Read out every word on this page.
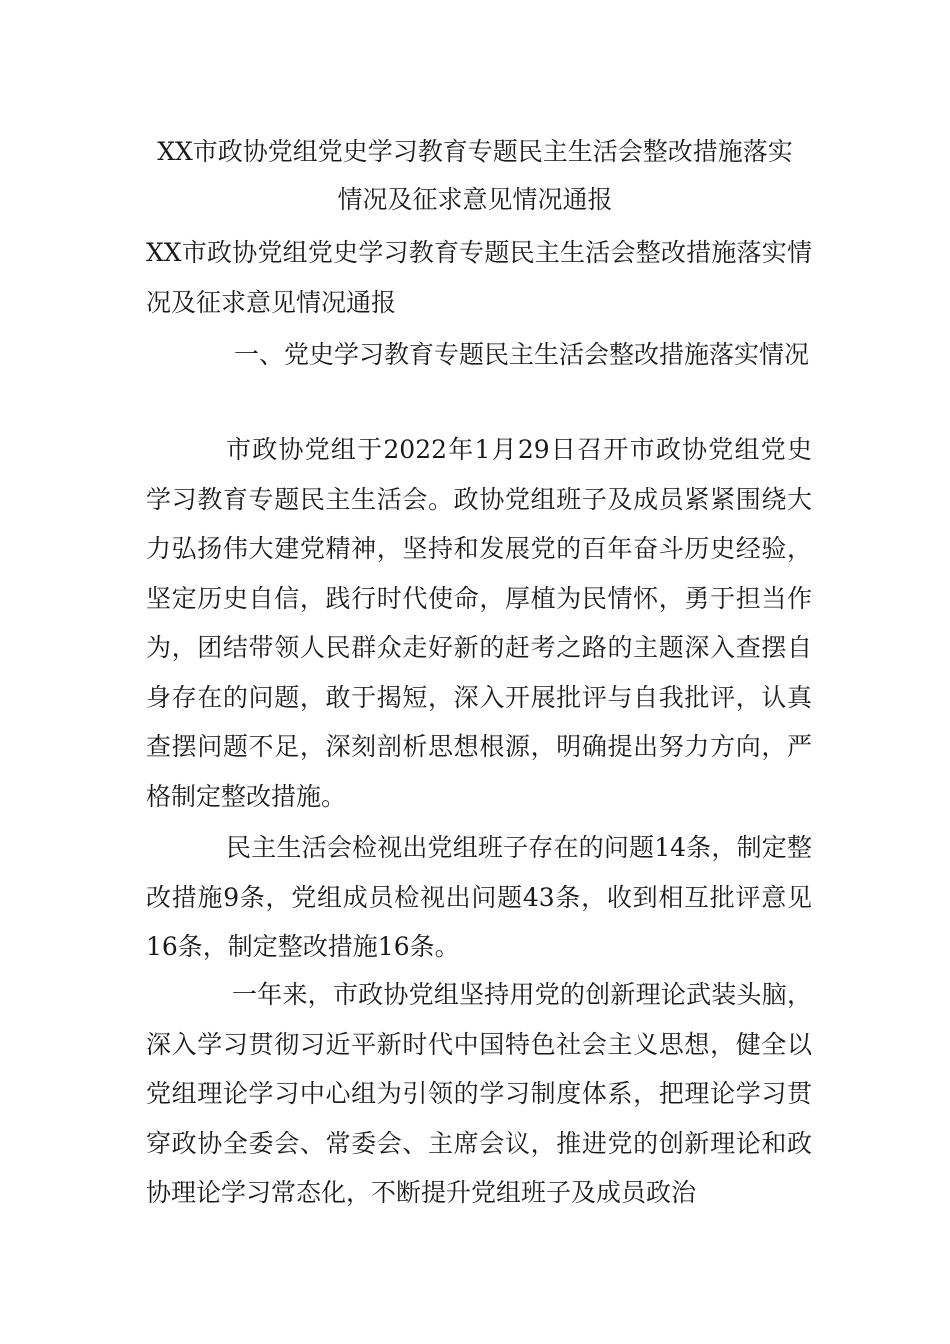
XX市政协党组党史学习教育专题民主生活会整改措施落实
情况及征求意见情况通报

XX市政协党组党史学习教育专题民主生活会整改措施落实情况及征求意见情况通报

一、党史学习教育专题民主生活会整改措施落实情况

市政协党组于2022年1月29日召开市政协党组党史学习教育专题民主生活会。政协党组班子及成员紧紧围绕大力弘扬伟大建党精神，坚持和发展党的百年奋斗历史经验，坚定历史自信，践行时代使命，厚植为民情怀，勇于担当作为，团结带领人民群众走好新的赶考之路的主题深入查摆自身存在的问题，敢于揭短，深入开展批评与自我批评，认真查摆问题不足，深刻剖析思想根源，明确提出努力方向，严格制定整改措施。

民主生活会检视出党组班子存在的问题14条，制定整改措施9条，党组成员检视出问题43条，收到相互批评意见16条，制定整改措施16条。

一年来，市政协党组坚持用党的创新理论武装头脑，深入学习贯彻习近平新时代中国特色社会主义思想，健全以党组理论学习中心组为引领的学习制度体系，把理论学习贯穿政协全委会、常委会、主席会议，推进党的创新理论和政协理论学习常态化，不断提升党组班子及成员政治
